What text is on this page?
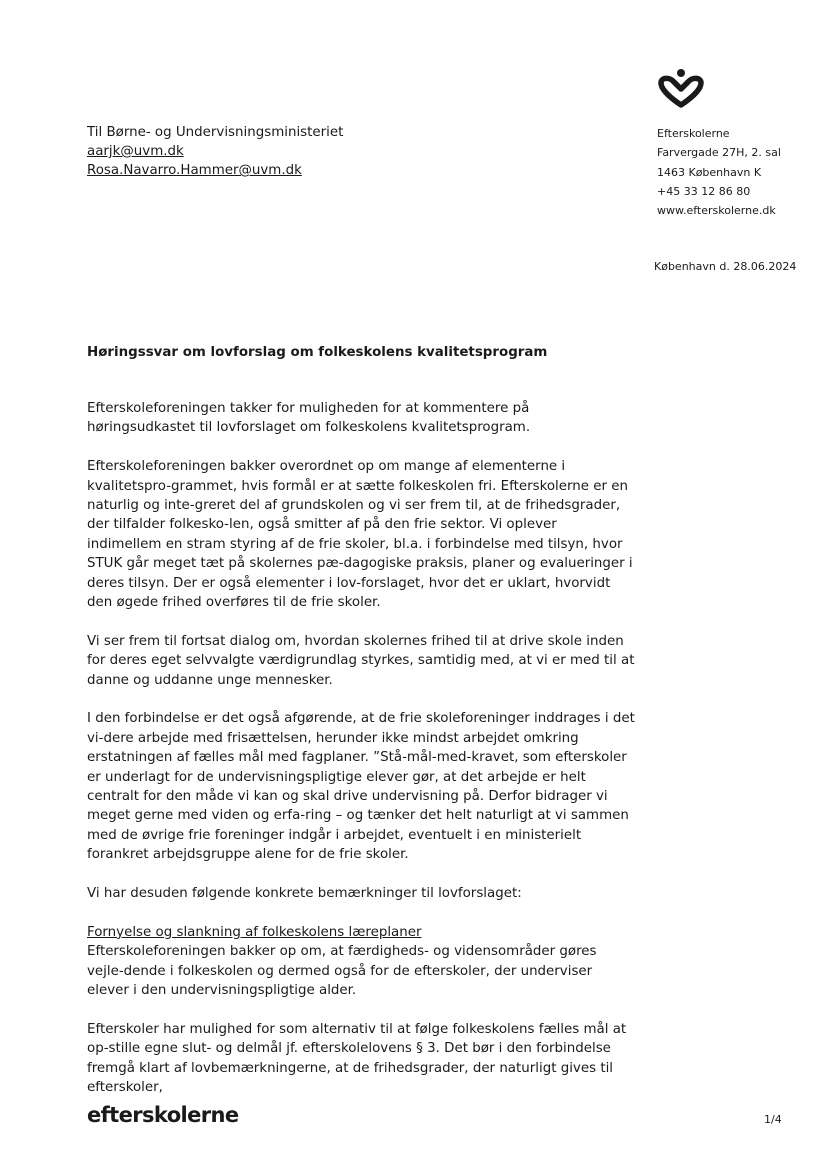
Til Børne- og Undervisningsministeriet
aarjk@uvm.dk
Rosa.Navarro.Hammer@uvm.dk
Efterskolerne
Farvergade 27H, 2. sal
1463 København K
+45 33 12 86 80
www.efterskolerne.dk
København d. 28.06.2024
Høringssvar om lovforslag om folkeskolens kvalitetsprogram

Efterskoleforeningen takker for muligheden for at kommentere på høringsudkastet til lovforslaget om folkeskolens kvalitetsprogram.

Efterskoleforeningen bakker overordnet op om mange af elementerne i kvalitetspro-grammet, hvis formål er at sætte folkeskolen fri. Efterskolerne er en naturlig og inte-greret del af grundskolen og vi ser frem til, at de frihedsgrader, der tilfalder folkesko-len, også smitter af på den frie sektor. Vi oplever indimellem en stram styring af de frie skoler, bl.a. i forbindelse med tilsyn, hvor STUK går meget tæt på skolernes pæ-dagogiske praksis, planer og evalueringer i deres tilsyn. Der er også elementer i lov-forslaget, hvor det er uklart, hvorvidt den øgede frihed overføres til de frie skoler.

Vi ser frem til fortsat dialog om, hvordan skolernes frihed til at drive skole inden for deres eget selvvalgte værdigrundlag styrkes, samtidig med, at vi er med til at danne og uddanne unge mennesker.

I den forbindelse er det også afgørende, at de frie skoleforeninger inddrages i det vi-dere arbejde med frisættelsen, herunder ikke mindst arbejdet omkring erstatningen af fælles mål med fagplaner. ”Stå-mål-med-kravet, som efterskoler er underlagt for de undervisningspligtige elever gør, at det arbejde er helt centralt for den måde vi kan og skal drive undervisning på. Derfor bidrager vi meget gerne med viden og erfa-ring – og tænker det helt naturligt at vi sammen med de øvrige frie foreninger indgår i arbejdet, eventuelt i en ministerielt forankret arbejdsgruppe alene for de frie skoler.

Vi har desuden følgende konkrete bemærkninger til lovforslaget:

Fornyelse og slankning af folkeskolens læreplaner

Efterskoleforeningen bakker op om, at færdigheds- og vidensområder gøres vejle-dende i folkeskolen og dermed også for de efterskoler, der underviser elever i den undervisningspligtige alder.

Efterskoler har mulighed for som alternativ til at følge folkeskolens fælles mål at op-stille egne slut- og delmål jf. efterskolelovens § 3. Det bør i den forbindelse fremgå klart af lovbemærkningerne, at de frihedsgrader, der naturligt gives til efterskoler,

efterskolerne	1/4
